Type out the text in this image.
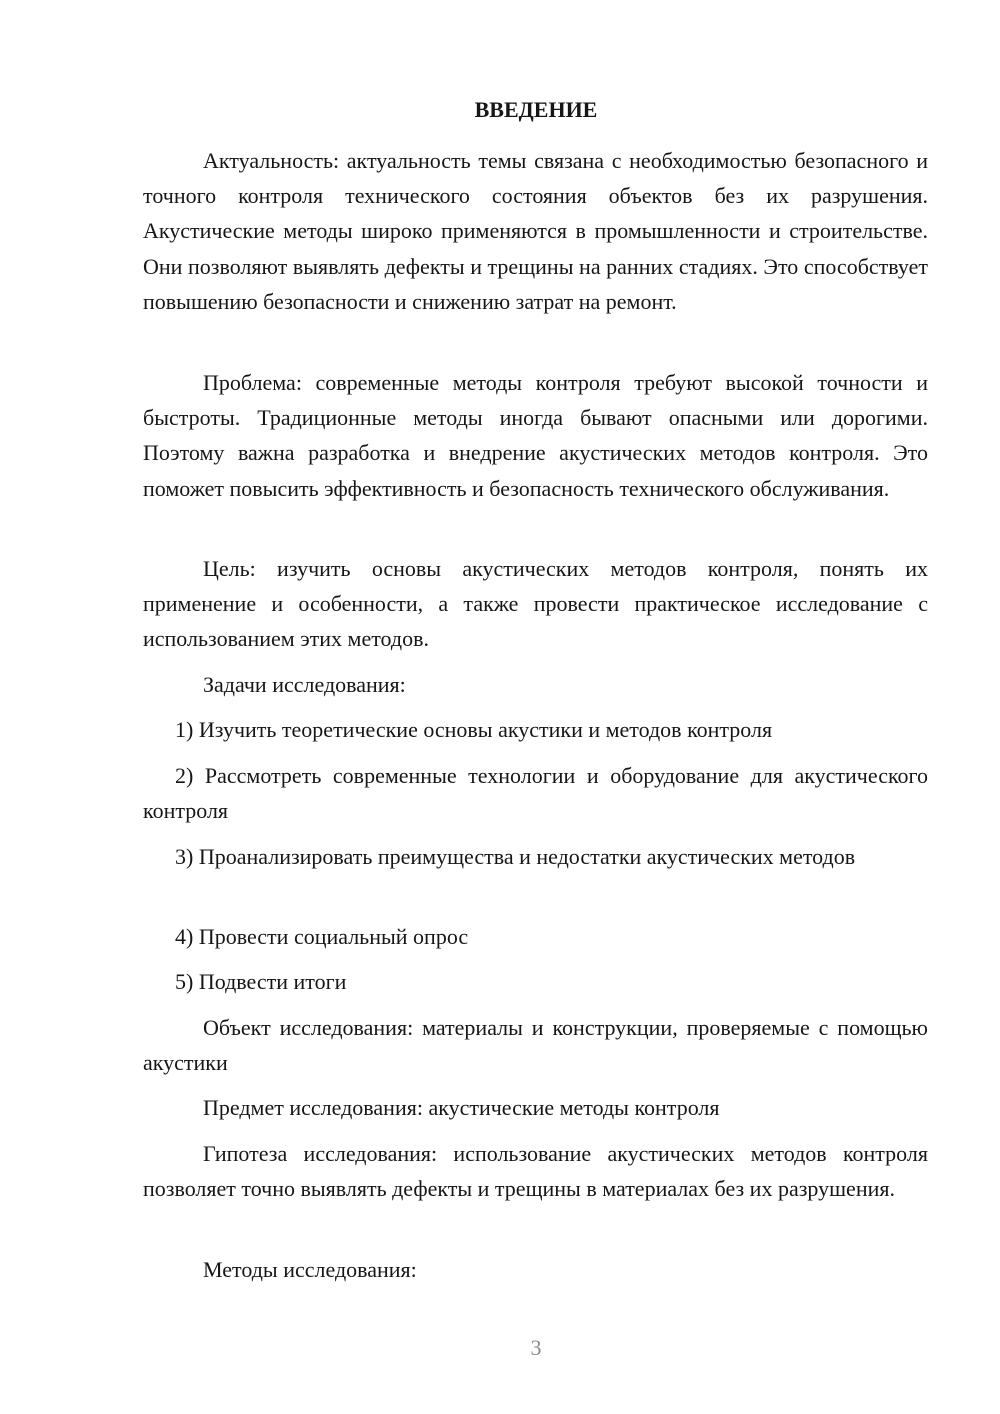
ВВЕДЕНИЕ

Актуальность: актуальность темы связана с необходимостью безопасного и точного контроля технического состояния объектов без их разрушения. Акустические методы широко применяются в промышленности и строительстве. Они позволяют выявлять дефекты и трещины на ранних стадиях. Это способствует повышению безопасности и снижению затрат на ремонт.

Проблема: современные методы контроля требуют высокой точности и быстроты. Традиционные методы иногда бывают опасными или дорогими. Поэтому важна разработка и внедрение акустических методов контроля. Это поможет повысить эффективность и безопасность технического обслуживания.

Цель: изучить основы акустических методов контроля, понять их применение и особенности, а также провести практическое исследование с использованием этих методов.

Задачи исследования:

1) Изучить теоретические основы акустики и методов контроля

2) Рассмотреть современные технологии и оборудование для акустического контроля

3) Проанализировать преимущества и недостатки акустических методов

4) Провести социальный опрос

5) Подвести итоги

Объект исследования: материалы и конструкции, проверяемые с помощью акустики

Предмет исследования: акустические методы контроля

Гипотеза исследования: использование акустических методов контроля позволяет точно выявлять дефекты и трещины в материалах без их разрушения.

Методы исследования:

3
